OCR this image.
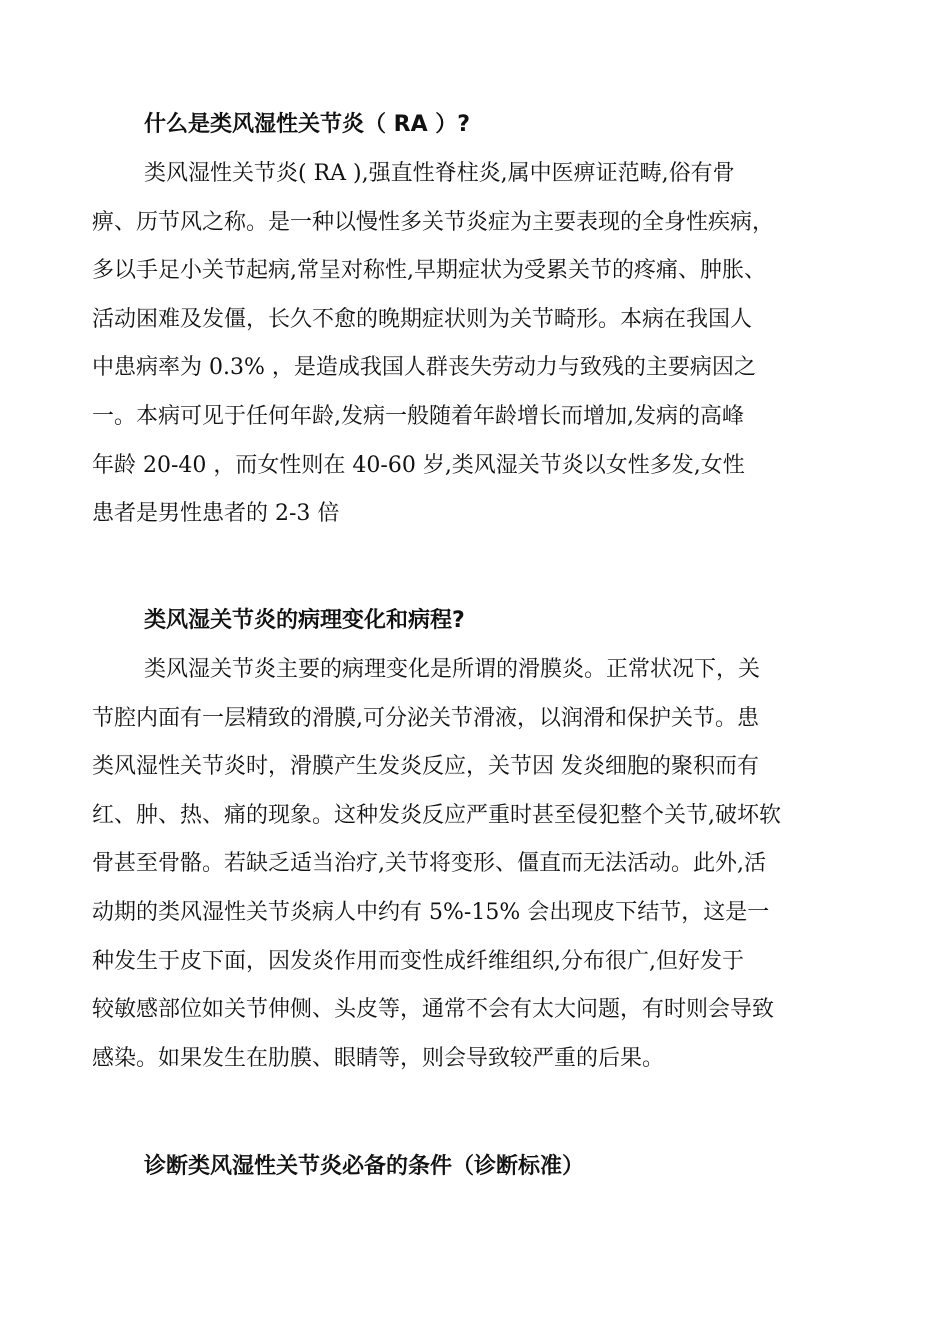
什么是类风湿性关节炎（ RA ）?

类风湿性关节炎( RA ),强直性脊柱炎,属中医痹证范畴,俗有骨
痹、历节风之称。是一种以慢性多关节炎症为主要表现的全身性疾病，
多以手足小关节起病,常呈对称性,早期症状为受累关节的疼痛、肿胀、
活动困难及发僵，长久不愈的晚期症状则为关节畸形。本病在我国人
中患病率为 0.3% ，是造成我国人群丧失劳动力与致残的主要病因之
一。本病可见于任何年龄,发病一般随着年龄增长而增加,发病的高峰
年龄 20-40 ，而女性则在 40-60 岁,类风湿关节炎以女性多发,女性
患者是男性患者的 2-3 倍

类风湿关节炎的病理变化和病程?

类风湿关节炎主要的病理变化是所谓的滑膜炎。正常状况下，关
节腔内面有一层精致的滑膜,可分泌关节滑液，以润滑和保护关节。患
类风湿性关节炎时，滑膜产生发炎反应，关节因 发炎细胞的聚积而有
红、肿、热、痛的现象。这种发炎反应严重时甚至侵犯整个关节,破坏软
骨甚至骨骼。若缺乏适当治疗,关节将变形、僵直而无法活动。此外,活
动期的类风湿性关节炎病人中约有 5%-15% 会出现皮下结节，这是一
种发生于皮下面，因发炎作用而变性成纤维组织,分布很广,但好发于
较敏感部位如关节伸侧、头皮等，通常不会有太大问题，有时则会导致
感染。如果发生在肋膜、眼睛等，则会导致较严重的后果。

诊断类风湿性关节炎必备的条件（诊断标准）
